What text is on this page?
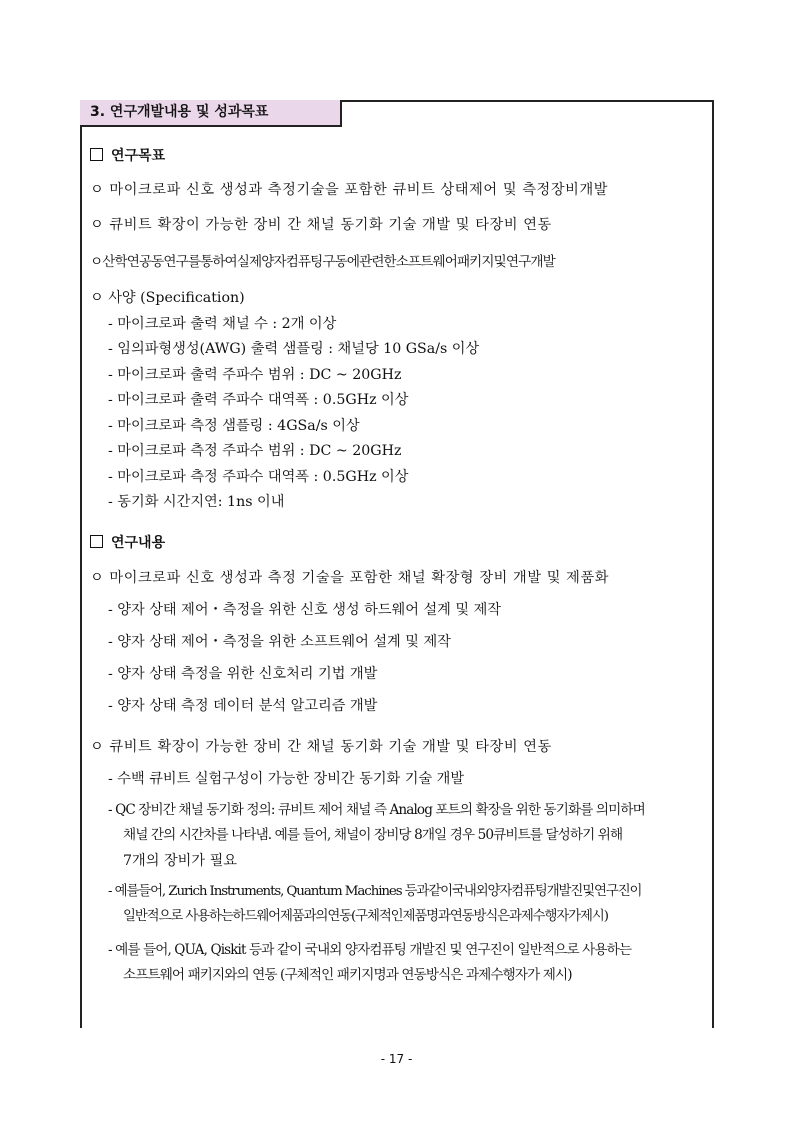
3. 연구개발내용 및 성과목표
연구목표
ㅇ 마이크로파 신호 생성과 측정기술을 포함한 큐비트 상태제어 및 측정장비개발
ㅇ 큐비트 확장이 가능한 장비 간 채널 동기화 기술 개발 및 타장비 연동
ㅇ산학연공동연구를통하여실제양자컴퓨팅구동에관련한소프트웨어패키지및연구개발
ㅇ 사양 (Specification)
- 마이크로파 출력 채널 수 : 2개 이상
- 임의파형생성(AWG) 출력 샘플링 : 채널당 10 GSa/s 이상
- 마이크로파 출력 주파수 범위 : DC ~ 20GHz
- 마이크로파 출력 주파수 대역폭 : 0.5GHz 이상
- 마이크로파 측정 샘플링 : 4GSa/s 이상
- 마이크로파 측정 주파수 범위 : DC ~ 20GHz
- 마이크로파 측정 주파수 대역폭 : 0.5GHz 이상
- 동기화 시간지연: 1ns 이내
연구내용
ㅇ 마이크로파 신호 생성과 측정 기술을 포함한 채널 확장형 장비 개발 및 제품화
- 양자 상태 제어・측정을 위한 신호 생성 하드웨어 설계 및 제작
- 양자 상태 제어・측정을 위한 소프트웨어 설계 및 제작
- 양자 상태 측정을 위한 신호처리 기법 개발
- 양자 상태 측정 데이터 분석 알고리즘 개발
ㅇ 큐비트 확장이 가능한 장비 간 채널 동기화 기술 개발 및 타장비 연동
- 수백 큐비트 실험구성이 가능한 장비간 동기화 기술 개발
- QC 장비간 채널 동기화 정의: 큐비트 제어 채널 즉 Analog 포트의 확장을 위한 동기화를 의미하며
채널 간의 시간차를 나타냄. 예를 들어, 채널이 장비당 8개일 경우 50큐비트를 달성하기 위해
7개의 장비가 필요
- 예를들어, Zurich Instruments, Quantum Machines 등과같이국내외양자컴퓨팅개발진및연구진이
일반적으로 사용하는하드웨어제품과의연동(구체적인제품명과연동방식은과제수행자가제시)
- 예를 들어, QUA, Qiskit 등과 같이 국내외 양자컴퓨팅 개발진 및 연구진이 일반적으로 사용하는
소프트웨어 패키지와의 연동 (구체적인 패키지명과 연동방식은 과제수행자가 제시)
- 17 -
